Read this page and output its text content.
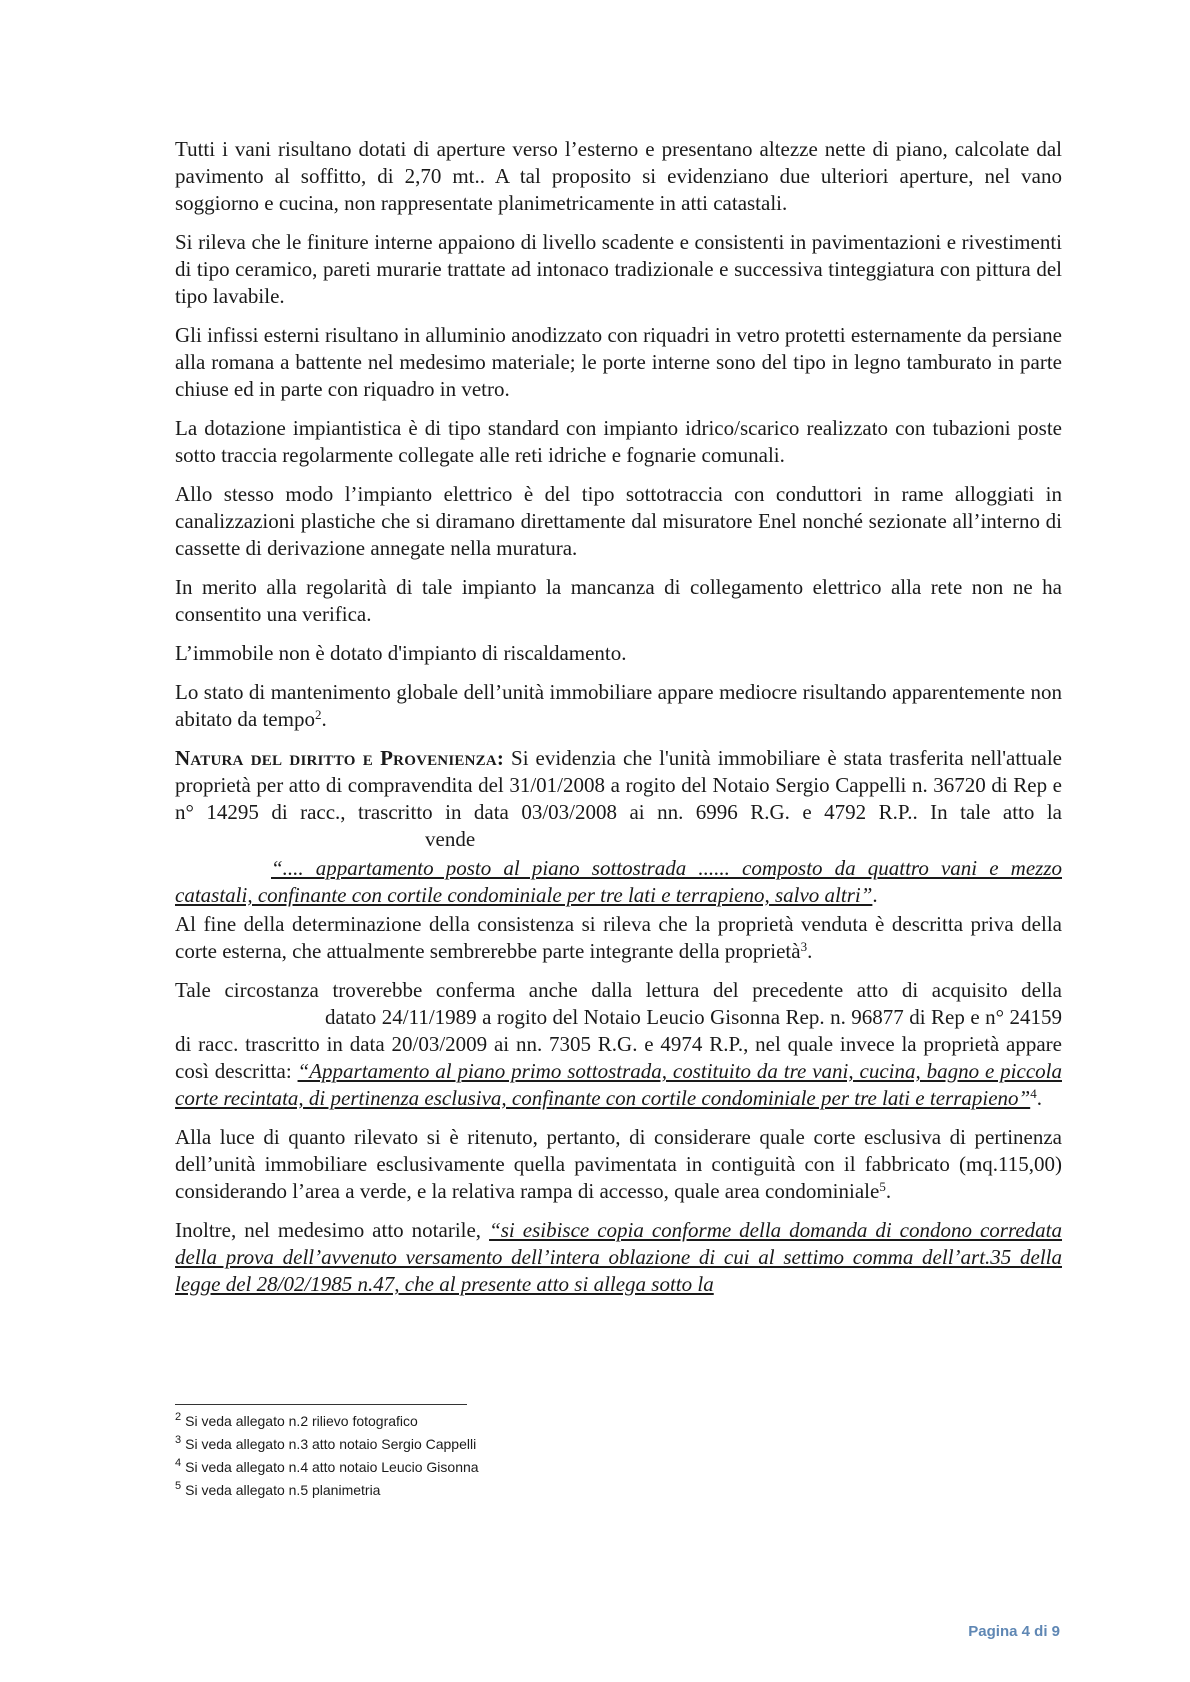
Tutti i vani risultano dotati di aperture verso l’esterno e presentano altezze nette di piano, calcolate dal pavimento al soffitto, di 2,70 mt.. A tal proposito si evidenziano due ulteriori aperture, nel vano soggiorno e cucina, non rappresentate planimetricamente in atti catastali.

Si rileva che le finiture interne appaiono di livello scadente e consistenti in pavimentazioni e rivestimenti di tipo ceramico, pareti murarie trattate ad intonaco tradizionale e successiva tinteggiatura con pittura del tipo lavabile.

Gli infissi esterni risultano in alluminio anodizzato con riquadri in vetro protetti esternamente da persiane alla romana a battente nel medesimo materiale; le porte interne sono del tipo in legno tamburato in parte chiuse ed in parte con riquadro in vetro.

La dotazione impiantistica è di tipo standard con impianto idrico/scarico realizzato con tubazioni poste sotto traccia regolarmente collegate alle reti idriche e fognarie comunali.

Allo stesso modo l’impianto elettrico è del tipo sottotraccia con conduttori in rame alloggiati in canalizzazioni plastiche che si diramano direttamente dal misuratore Enel nonché sezionate all’interno di cassette di derivazione annegate nella muratura.

In merito alla regolarità di tale impianto la mancanza di collegamento elettrico alla rete non ne ha consentito una verifica.

L’immobile non è dotato d'impianto di riscaldamento.

Lo stato di mantenimento globale dell’unità immobiliare appare mediocre risultando apparentemente non abitato da tempo$^2$.

Natura del diritto e Provenienza: Si evidenzia che l'unità immobiliare è stata trasferita nell'attuale proprietà per atto di compravendita del 31/01/2008 a rogito del Notaio Sergio Cappelli n. 36720 di Rep e n° 14295 di racc., trascritto in data 03/03/2008 ai nn. 6996 R.G. e 4792 R.P.. In tale atto lavende

“.... appartamento posto al piano sottostrada ...... composto da quattro vani e mezzo catastali, confinante con cortile condominiale per tre lati e terrapieno, salvo altri”.

Al fine della determinazione della consistenza si rileva che la proprietà venduta è descritta priva della corte esterna, che attualmente sembrerebbe parte integrante della proprietà$^3$.

Tale circostanza troverebbe conferma anche dalla lettura del precedente atto di acquisito delladatato 24/11/1989 a rogito del Notaio Leucio Gisonna Rep. n. 96877 di Rep e n° 24159 di racc. trascritto in data 20/03/2009 ai nn. 7305 R.G. e 4974 R.P., nel quale invece la proprietà appare così descritta: “Appartamento al piano primo sottostrada, costituito da tre vani, cucina, bagno e piccola corte recintata, di pertinenza esclusiva, confinante con cortile condominiale per tre lati e terrapieno”$^4$.

Alla luce di quanto rilevato si è ritenuto, pertanto, di considerare quale corte esclusiva di pertinenza dell’unità immobiliare esclusivamente quella pavimentata in contiguità con il fabbricato (mq.115,00) considerando l’area a verde, e la relativa rampa di accesso, quale area condominiale$^5$.

Inoltre, nel medesimo atto notarile, “si esibisce copia conforme della domanda di condono corredata della prova dell’avvenuto versamento dell’intera oblazione di cui al settimo comma dell’art.35 della legge del 28/02/1985 n.47, che al presente atto si allega sotto la

$^2$ Si veda allegato n.2 rilievo fotografico
$^3$ Si veda allegato n.3 atto notaio Sergio Cappelli
$^4$ Si veda allegato n.4 atto notaio Leucio Gisonna
$^5$ Si veda allegato n.5 planimetria
Pagina 4 di 9
